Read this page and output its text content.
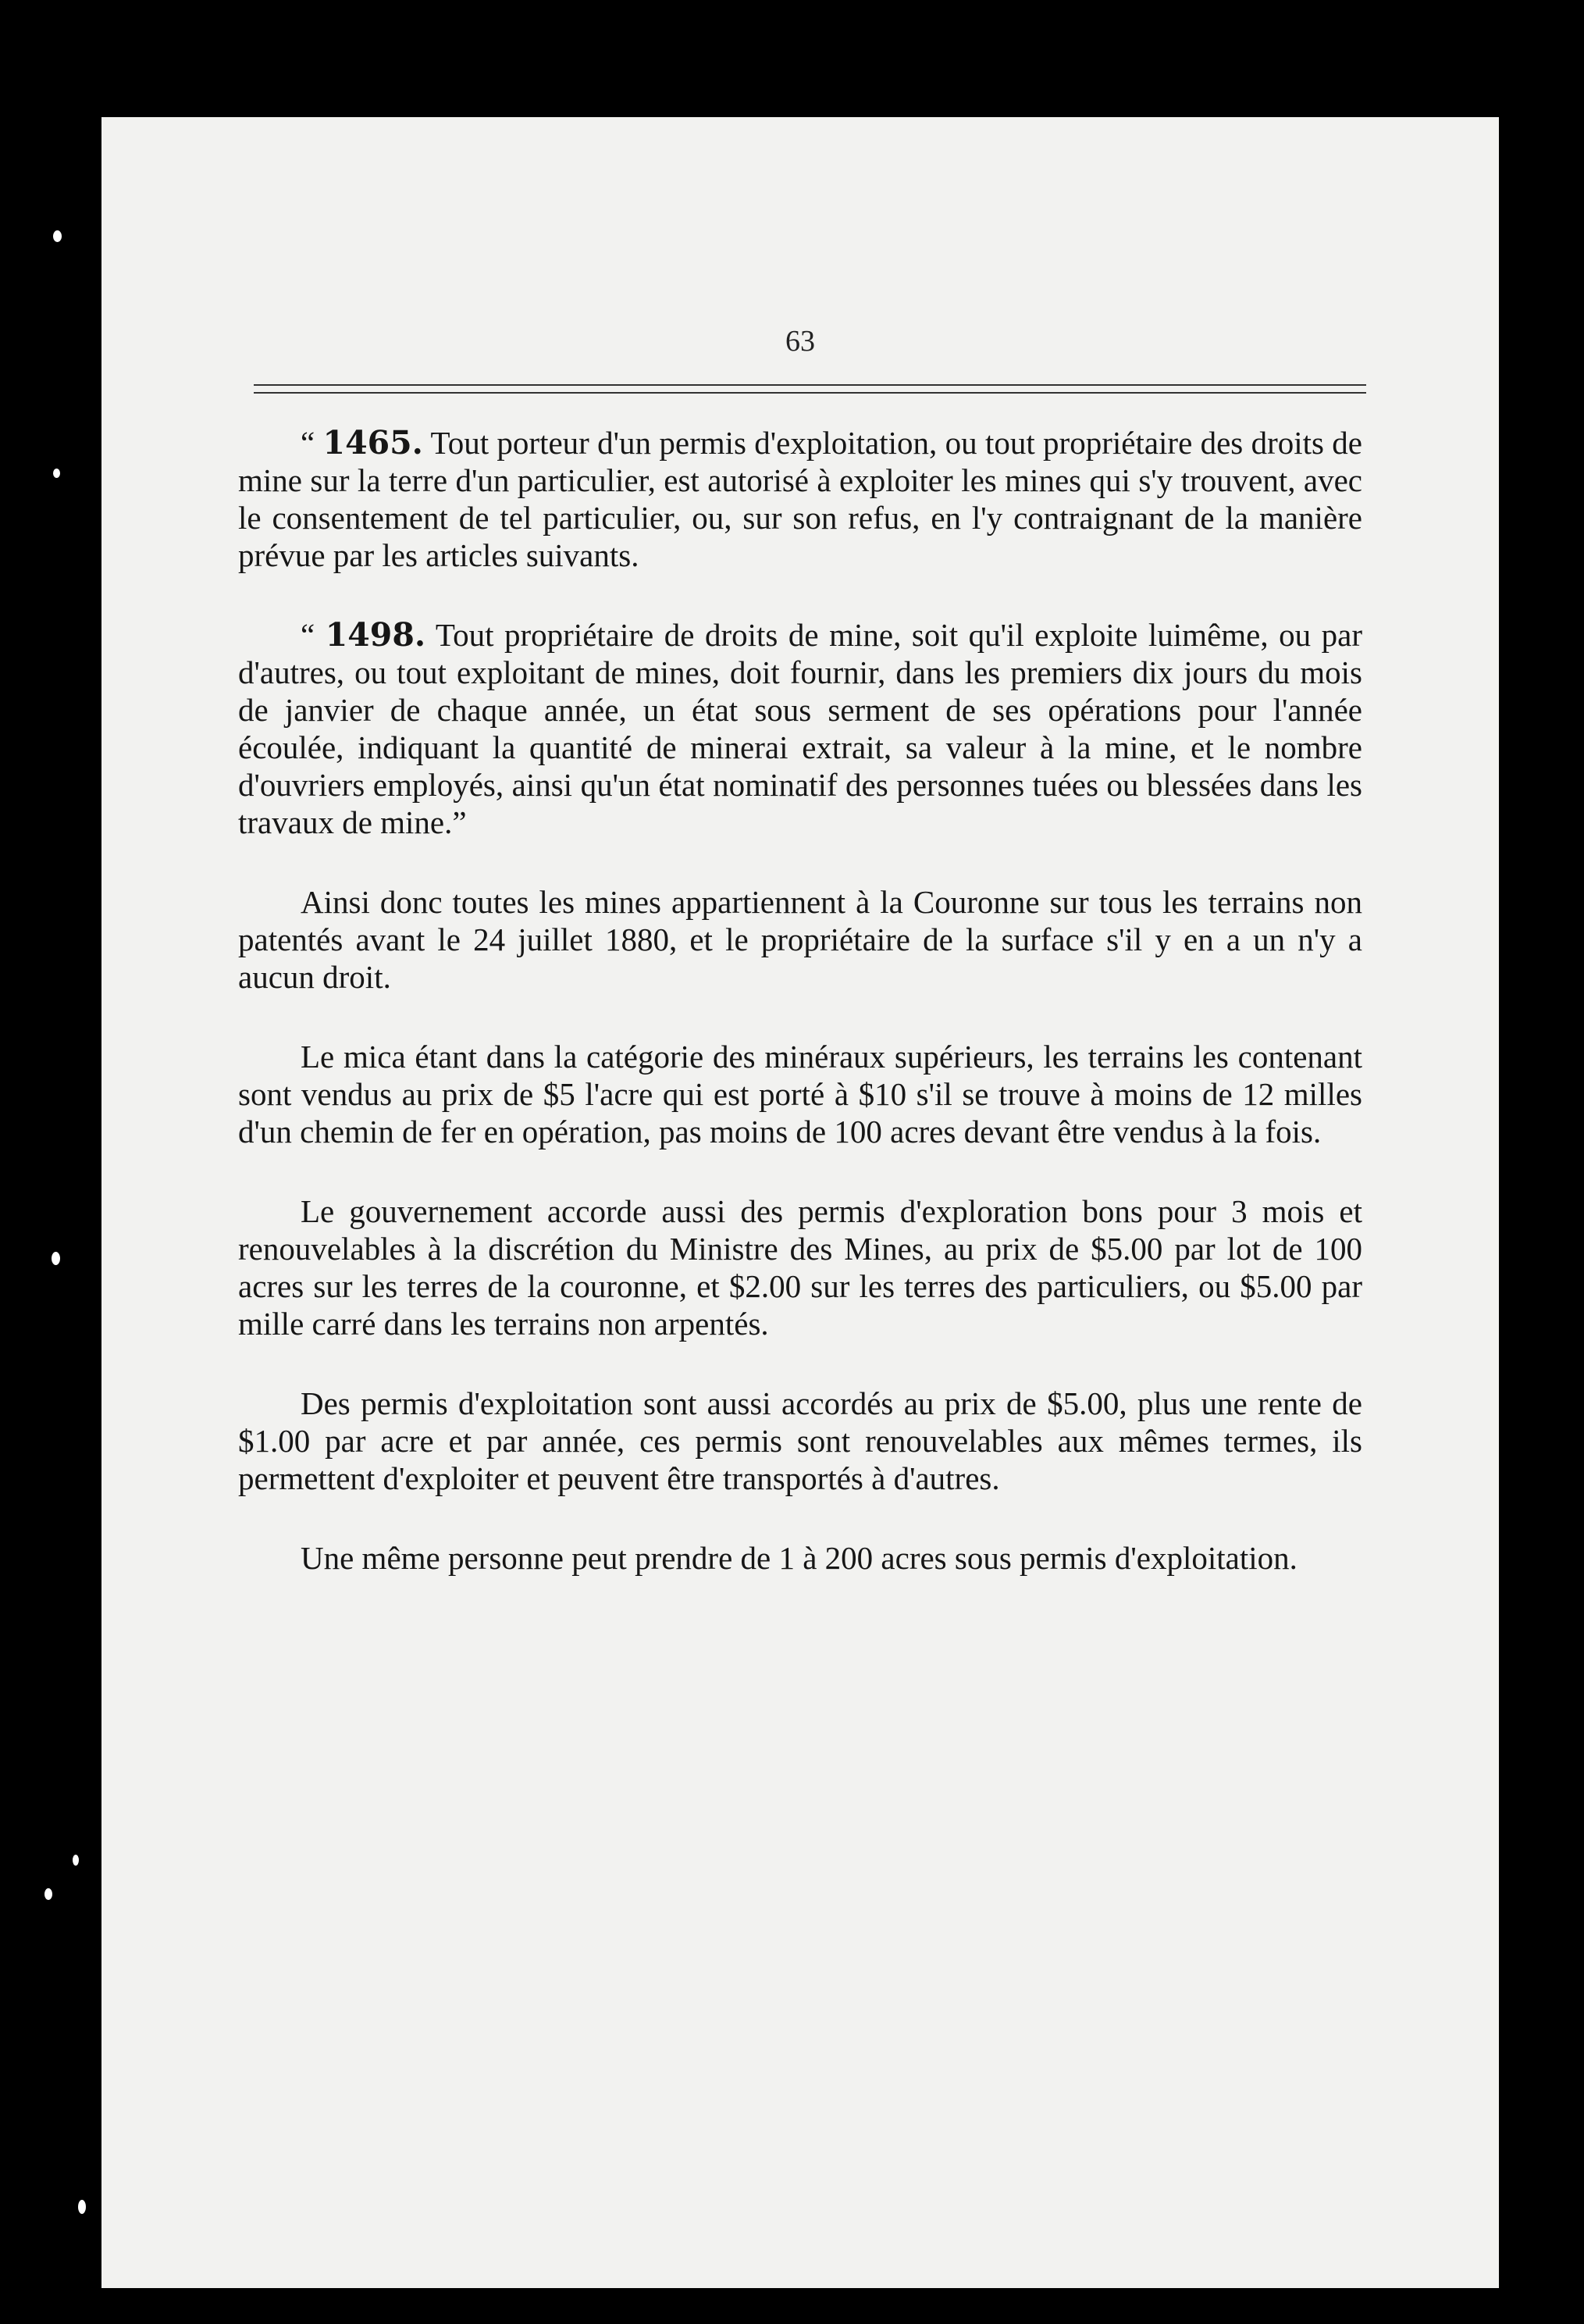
63

“ 1465. Tout porteur d'un permis d'exploitation, ou tout propriétaire des droits de mine sur la terre d'un particulier, est autorisé à exploiter les mines qui s'y trouvent, avec le consentement de tel particulier, ou, sur son refus, en l'y contraignant de la manière prévue par les articles suivants.

“ 1498. Tout propriétaire de droits de mine, soit qu'il exploite luimême, ou par d'autres, ou tout exploitant de mines, doit fournir, dans les premiers dix jours du mois de janvier de chaque année, un état sous serment de ses opérations pour l'année écoulée, indiquant la quantité de minerai extrait, sa valeur à la mine, et le nombre d'ouvriers employés, ainsi qu'un état nominatif des personnes tuées ou blessées dans les travaux de mine.”

Ainsi donc toutes les mines appartiennent à la Couronne sur tous les terrains non patentés avant le 24 juillet 1880, et le propriétaire de la surface s'il y en a un n'y a aucun droit.

Le mica étant dans la catégorie des minéraux supérieurs, les terrains les contenant sont vendus au prix de $5 l'acre qui est porté à $10 s'il se trouve à moins de 12 milles d'un chemin de fer en opération, pas moins de 100 acres devant être vendus à la fois.

Le gouvernement accorde aussi des permis d'exploration bons pour 3 mois et renouvelables à la discrétion du Ministre des Mines, au prix de $5.00 par lot de 100 acres sur les terres de la couronne, et $2.00 sur les terres des particuliers, ou $5.00 par mille carré dans les terrains non arpentés.

Des permis d'exploitation sont aussi accordés au prix de $5.00, plus une rente de $1.00 par acre et par année, ces permis sont renouvelables aux mêmes termes, ils permettent d'exploiter et peuvent être transportés à d'autres.

Une même personne peut prendre de 1 à 200 acres sous permis d'exploitation.
